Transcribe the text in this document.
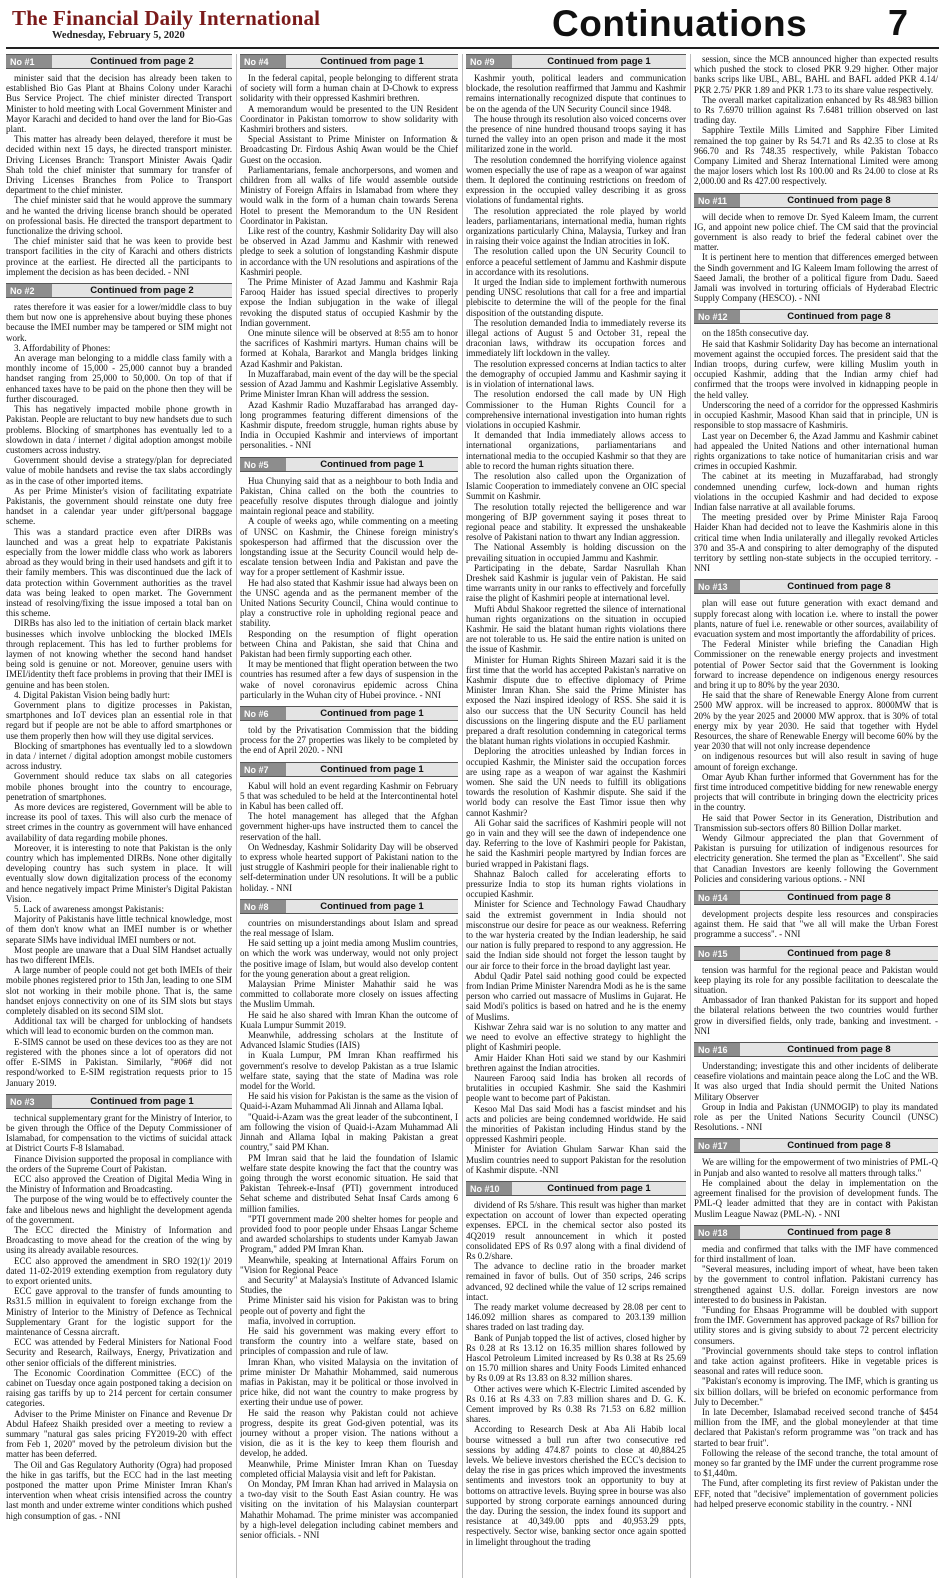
The Financial Daily International
Wednesday, February 5, 2020	Continuations 7
No #1	Continued from page 2

minister said that the decision has already been taken to established Bio Gas Plant at Bhains Colony under Karachi Bus Service Project. The chief minister directed Transport Minister to hold meeting with Local Government Minister and Mayor Karachi and decided to hand over the land for Bio-Gas plant.

This matter has already been delayed, therefore it must be decided within next 15 days, he directed transport minister. Driving Licenses Branch: Transport Minister Awais Qadir Shah told the chief minister that summary for transfer of Driving Licenses Branches from Police to Transport department to the chief minister.

The chief minister said that he would approve the summary and he wanted the driving license branch should be operated on professional basis. He directed the transport department to functionalize the driving school.

The chief minister said that he was keen to provide best transport facilities in the city of Karachi and others districts province at the earliest. He directed all the participants to implement the decision as has been decided. - NNI

No #2	Continued from page 2

rates therefore it was easier for a lower/middle class to buy them but now one is apprehensive about buying these phones because the IMEI number may be tampered or SIM might not work.

3. Affordability of Phones:

An average man belonging to a middle class family with a monthly income of 15,000 - 25,000 cannot buy a branded handset ranging from 25,000 to 50,000. On top of that if enhanced taxes have to be paid on the phone then they will be further discouraged.

This has negatively impacted mobile phone growth in Pakistan. People are reluctant to buy new handsets due to such problems. Blocking of smartphones has eventually led to a slowdown in data / internet / digital adoption amongst mobile customers across industry.

Government should devise a strategy/plan for depreciated value of mobile handsets and revise the tax slabs accordingly as in the case of other imported items.

As per Prime Minister's vision of facilitating expatriate Pakistanis, the government should reinstate one duty free handset in a calendar year under gift/personal baggage scheme.

This was a standard practice even after DIRBs was launched and was a great help to expatriate Pakistanis especially from the lower middle class who work as laborers abroad as they would bring in their used handsets and gift it to their family members. This was discontinued due the lack of data protection within Government authorities as the travel data was being leaked to open market. The Government instead of resolving/fixing the issue imposed a total ban on this scheme.

DIRBs has also led to the initiation of certain black market businesses which involve unblocking the blocked IMEIs through replacement. This has led to further problems for laymen of not knowing whether the second hand handset being sold is genuine or not. Moreover, genuine users with IMEI/identity theft face problems in proving that their IMEI is genuine and has been stolen.

4. Digital Pakistan Vision being badly hurt:

Government plans to digitize processes in Pakistan, smartphones and IoT devices plan an essential role in that regard but if people are not be able to afford smartphones or use them properly then how will they use digital services.

Blocking of smartphones has eventually led to a slowdown in data / internet / digital adoption amongst mobile customers across industry.

Government should reduce tax slabs on all categories mobile phones brought into the country to encourage, penetration of smartphones.

As more devices are registered, Government will be able to increase its pool of taxes. This will also curb the menace of street crimes in the country as government will have enhanced availability of data regarding mobile phones.

Moreover, it is interesting to note that Pakistan is the only country which has implemented DIRBs. None other digitally developing country has such system in place. It will eventually slow down digitalization process of the economy and hence negatively impact Prime Minister's Digital Pakistan Vision.

5. Lack of awareness amongst Pakistanis:

Majority of Pakistanis have little technical knowledge, most of them don't know what an IMEI number is or whether separate SIMs have individual IMEI numbers or not.

Most people are unaware that a Dual SIM Handset actually has two different IMEIs.

A large number of people could not get both IMEIs of their mobile phones registered prior to 15th Jan, leading to one SIM slot not working in their mobile phone. That is, the same handset enjoys connectivity on one of its SIM slots but stays completely disabled on its second SIM slot.

Additional tax will be charged for unblocking of handsets which will lead to economic burden on the common man.

E-SIMS cannot be used on these devices too as they are not registered with the phones since a lot of operators did not offer E-SIMS in Pakistan. Similarly, "#06# did not respond/worked to E-SIM registration requests prior to 15 January 2019.

No #3	Continued from page 1

technical supplementary grant for the Ministry of Interior, to be given through the Office of the Deputy Commissioner of Islamabad, for compensation to the victims of suicidal attack at District Courts F-8 Islamabad.

Finance Division supported the proposal in compliance with the orders of the Supreme Court of Pakistan.

ECC also approved the Creation of Digital Media Wing in the Ministry of Information and Broadcasting.

The purpose of the wing would be to effectively counter the fake and libelous news and highlight the development agenda of the government.

The ECC directed the Ministry of Information and Broadcasting to move ahead for the creation of the wing by using its already available resources.

ECC also approved the amendment in SRO 192(1)/ 2019 dated 11-02-2019 extending exemption from regulatory duty to export oriented units.

ECC gave approval to the transfer of funds amounting to Rs31.5 million in equivalent to foreign exchange from the Ministry of Interior to the Ministry of Defence as Technical Supplementary Grant for the logistic support for the maintenance of Cessna aircraft.

ECC was attended by Federal Ministers for National Food Security and Research, Railways, Energy, Privatization and other senior officials of the different ministries.

The Economic Coordination Committee (ECC) of the cabinet on Tuesday once again postponed taking a decision on raising gas tariffs by up to 214 percent for certain consumer categories.

Adviser to the Prime Minister on Finance and Revenue Dr Abdul Hafeez Shaikh presided over a meeting to review a summary "natural gas sales pricing FY2019-20 with effect from Feb 1, 2020" moved by the petroleum division but the matter has been deferred.

The Oil and Gas Regulatory Authority (Ogra) had proposed the hike in gas tariffs, but the ECC had in the last meeting postponed the matter upon Prime Minister Imran Khan's intervention when wheat crisis intensified across the country last month and under extreme winter conditions which pushed high consumption of gas. - NNI

No #4	Continued from page 1

In the federal capital, people belonging to different strata of society will form a human chain at D-Chowk to express solidarity with their oppressed Kashmiri brethren.

A memorandum would be presented to the UN Resident Coordinator in Pakistan tomorrow to show solidarity with Kashmiri brothers and sisters.

Special Assistant to Prime Minister on Information & Broadcasting Dr. Firdous Ashiq Awan would be the Chief Guest on the occasion.

Parliamentarians, female anchorpersons, and women and children from all walks of life would assemble outside Ministry of Foreign Affairs in Islamabad from where they would walk in the form of a human chain towards Serena Hotel to present the Memorandum to the UN Resident Coordinator in Pakistan.

Like rest of the country, Kashmir Solidarity Day will also be observed in Azad Jammu and Kashmir with renewed pledge to seek a solution of longstanding Kashmir dispute in accordance with the UN resolutions and aspirations of the Kashmiri people.

The Prime Minister of Azad Jammu and Kashmir Raja Farooq Haider has issued special directives to properly expose the Indian subjugation in the wake of illegal revoking the disputed status of occupied Kashmir by the Indian government.

One minute silence will be observed at 8:55 am to honor the sacrifices of Kashmiri martyrs. Human chains will be formed at Kohala, Bararkot and Mangla bridges linking Azad Kashmir and Pakistan.

In Muzaffarabad, main event of the day will be the special session of Azad Jammu and Kashmir Legislative Assembly. Prime Minister Imran Khan will address the session.

Azad Kashmir Radio Muzaffarabad has arranged day-long programmes featuring different dimensions of the Kashmir dispute, freedom struggle, human rights abuse by India in Occupied Kashmir and interviews of important personalities. - NNI

No #5	Continued from page 1

Hua Chunying said that as a neighbour to both India and Pakistan, China called on the both the countries to peacefully resolve disputes through dialogue and jointly maintain regional peace and stability.

A couple of weeks ago, while commenting on a meeting of UNSC on Kashmir, the Chinese foreign ministry's spokesperson had affirmed that the discussion over the longstanding issue at the Security Council would help de-escalate tension between India and Pakistan and pave the way for a proper settlement of Kashmir issue.

He had also stated that Kashmir issue had always been on the UNSC agenda and as the permanent member of the United Nations Security Council, China would continue to play a constructive role in upholding regional peace and stability.

Responding on the resumption of flight operation between China and Pakistan, she said that China and Pakistan had been firmly supporting each other.

It may be mentioned that flight operation between the two countries has resumed after a few days of suspension in the wake of novel coronavirus epidemic across China particularly in the Wuhan city of Hubei province. - NNI

No #6	Continued from page 1

told by the Privatisation Commission that the bidding process for the 27 properties was likely to be completed by the end of April 2020. - NNI

No #7	Continued from page 1

Kabul will hold an event regarding Kashmir on February 5 that was scheduled to be held at the Intercontinental hotel in Kabul has been called off.

The hotel management has alleged that the Afghan government higher-ups have instructed them to cancel the reservation of the hall.

On Wednesday, Kashmir Solidarity Day will be observed to express whole hearted support of Pakistani nation to the just struggle of Kashmiri people for their inalienable right to self-determination under UN resolutions. It will be a public holiday. - NNI

No #8	Continued from page 1

countries on misunderstandings about Islam and spread the real message of Islam.

He said setting up a joint media among Muslim countries, on which the work was underway, would not only project the positive image of Islam, but would also develop content for the young generation about a great religion.

Malaysian Prime Minister Mahathir said he was committed to collaborate more closely on issues affecting the Muslim Ummah.

He said he also shared with Imran Khan the outcome of Kuala Lumpur Summit 2019.

Meanwhile, addressing scholars at the Institute of Advanced Islamic Studies (IAIS)

in Kuala Lumpur, PM Imran Khan reaffirmed his government's resolve to develop Pakistan as a true Islamic welfare state, saying that the state of Madina was role model for the World.

He said his vision for Pakistan is the same as the vision of Quaid-i-Azam Muhammad Ali Jinnah and Allama Iqbal.

"Quaid-i-Azam was the great leader of the subcontinent, I am following the vision of Quaid-i-Azam Muhammad Ali Jinnah and Allama Iqbal in making Pakistan a great country," said PM Khan.

PM Imran said that he laid the foundation of Islamic welfare state despite knowing the fact that the country was going through the worst economic situation. He said that Pakistan Tehreek-e-Insaf (PTI) government introduced Sehat scheme and distributed Sehat Insaf Cards among 6 million families.

"PTI government made 200 shelter homes for people and provided food to poor people under Ehsaas Langar Scheme and awarded scholarships to students under Kamyab Jawan Program," added PM Imran Khan.

Meanwhile, speaking at International Affairs Forum on "Vision for Regional Peace

and Security" at Malaysia's Institute of Advanced Islamic Studies, the

Prime Minister said his vision for Pakistan was to bring people out of poverty and fight the

mafia, involved in corruption.

He said his government was making every effort to transform the country into a welfare state, based on principles of compassion and rule of law.

Imran Khan, who visited Malaysia on the invitation of prime minister Dr Mahathir Mohammed, said numerous mafias in Pakistan, may it be political or those involved in price hike, did not want the country to make progress by exerting their undue use of power.

He said the reason why Pakistan could not achieve progress, despite its great God-given potential, was its journey without a proper vision. The nations without a vision, die as it is the key to keep them flourish and develop, he added.

Meanwhile, Prime Minister Imran Khan on Tuesday completed official Malaysia visit and left for Pakistan.

On Monday, PM Imran Khan had arrived in Malaysia on a two-day visit to the South East Asian country. He was visiting on the invitation of his Malaysian counterpart Mahathir Mohamad. The prime minister was accompanied by a high-level delegation including cabinet members and senior officials. - NNI

No #9	Continued from page 1

Kashmir youth, political leaders and communication blockade, the resolution reaffirmed that Jammu and Kashmir remains internationally recognized dispute that continues to be on the agenda of the UN Security Council since 1948.

The house through its resolution also voiced concerns over the presence of nine hundred thousand troops saying it has turned the valley into an open prison and made it the most militarized zone in the world.

The resolution condemned the horrifying violence against women especially the use of rape as a weapon of war against them. It deplored the continuing restrictions on freedom of expression in the occupied valley describing it as gross violations of fundamental rights.

The resolution appreciated the role played by world leaders, parliamentarians, international media, human rights organizations particularly China, Malaysia, Turkey and Iran in raising their voice against the Indian atrocities in IoK.

The resolution called upon the UN Security Council to enforce a peaceful settlement of Jammu and Kashmir dispute in accordance with its resolutions.

It urged the Indian side to implement forthwith numerous pending UNSC resolutions that call for a free and impartial plebiscite to determine the will of the people for the final disposition of the outstanding dispute.

The resolution demanded India to immediately reverse its illegal actions of August 5 and October 31, repeal the draconian laws, withdraw its occupation forces and immediately lift lockdown in the valley.

The resolution expressed concerns at Indian tactics to alter the demography of occupied Jammu and Kashmir saying it is in violation of international laws.

The resolution endorsed the call made by UN High Commissioner to the Human Rights Council for a comprehensive international investigation into human rights violations in occupied Kashmir.

It demanded that India immediately allows access to international organizations, parliamentarians and international media to the occupied Kashmir so that they are able to record the human rights situation there.

The resolution also called upon the Organization of Islamic Cooperation to immediately convene an OIC special Summit on Kashmir.

The resolution totally rejected the belligerence and war mongering of BJP government saying it poses threat to regional peace and stability. It expressed the unshakeable resolve of Pakistani nation to thwart any Indian aggression.

The National Assembly is holding discussion on the prevailing situation in occupied Jammu and Kashmir.

Participating in the debate, Sardar Nasrullah Khan Dreshek said Kashmir is jugular vein of Pakistan. He said time warrants unity in our ranks to effectively and forcefully raise the plight of Kashmiri people at international level.

Mufti Abdul Shakoor regretted the silence of international human rights organizations on the situation in occupied Kashmir. He said the blatant human rights violations there are not tolerable to us. He said the entire nation is united on the issue of Kashmir.

Minister for Human Rights Shireen Mazari said it is the first time that the world has accepted Pakistan's narrative on Kashmir dispute due to effective diplomacy of Prime Minister Imran Khan. She said the Prime Minister has exposed the Nazi inspired ideology of RSS. She said it is also our success that the UN Security Council has held discussions on the lingering dispute and the EU parliament prepared a draft resolution condemning in categorical terms the blatant human rights violations in occupied Kashmir.

Deploring the atrocities unleashed by Indian forces in occupied Kashmir, the Minister said the occupation forces are using rape as a weapon of war against the Kashmiri women. She said the UN needs to fulfill its obligations towards the resolution of Kashmir dispute. She said if the world body can resolve the East Timor issue then why cannot Kashmir?

Ali Gohar said the sacrifices of Kashmiri people will not go in vain and they will see the dawn of independence one day. Referring to the love of Kashmiri people for Pakistan, he said the Kashmiri people martyred by Indian forces are buried wrapped in Pakistani flags.

Shahnaz Baloch called for accelerating efforts to pressurize India to stop its human rights violations in occupied Kashmir.

Minister for Science and Technology Fawad Chaudhary said the extremist government in India should not misconstrue our desire for peace as our weakness. Referring to the war hysteria created by the Indian leadership, he said our nation is fully prepared to respond to any aggression. He said the Indian side should not forget the lesson taught by our air force to their force in the broad daylight last year.

Abdul Qadir Patel said nothing good could be expected from Indian Prime Minister Narendra Modi as he is the same person who carried out massacre of Muslims in Gujarat. He said Modi's politics is based on hatred and he is the enemy of Muslims.

Kishwar Zehra said war is no solution to any matter and we need to evolve an effective strategy to highlight the plight of Kashmiri people.

Amir Haider Khan Hoti said we stand by our Kashmiri brethren against the Indian atrocities.

Naureen Farooq said India has broken all records of brutalities in occupied Kashmir. She said the Kashmiri people want to become part of Pakistan.

Kesoo Mal Das said Modi has a fascist mindset and his acts and policies are being condemned worldwide. He said the minorities of Pakistan including Hindus stand by the oppressed Kashmiri people.

Minister for Aviation Ghulam Sarwar Khan said the Muslim countries need to support Pakistan for the resolution of Kashmir dispute. -NNI

No #10	Continued from page 1

dividend of Rs 5/share. This result was higher than market expectation on account of lower than expected operating expenses. EPCL in the chemical sector also posted its 4Q2019 result announcement in which it posted consolidated EPS of Rs 0.97 along with a final dividend of Rs 0.2/share.

The advance to decline ratio in the broader market remained in favor of bulls. Out of 350 scrips, 246 scrips advanced, 92 declined while the value of 12 scrips remained intact.

The ready market volume decreased by 28.08 per cent to 146.092 million shares as compared to 203.139 million shares traded on last trading day.

Bank of Punjab topped the list of actives, closed higher by Rs 0.28 at Rs 13.12 on 16.35 million shares followed by Hascol Petroleum Limited increased by Rs 0.38 at Rs 25.69 on 15.70 million shares and Unity Foods Limited enhanced by Rs 0.09 at Rs 13.83 on 8.32 million shares.

Other actives were which K-Electric Limited ascended by Rs 0.16 at Rs 4.33 on 7.83 million shares and D. G. K. Cement improved by Rs 0.38 Rs 71.53 on 6.82 million shares.

According to Research Desk at Aba Ali Habib local bourse witnessed a bull run after two consecutive red sessions by adding 474.87 points to close at 40,884.25 levels. We believe investors cherished the ECC's decision to delay the rise in gas prices which improved the investments sentiments and investors took an opportunity to buy at bottoms on attractive levels. Buying spree in bourse was also supported by strong corporate earnings announced during the day. During the session, the index found its support and resistance at 40,349.00 ppts and 40,953.29 ppts, respectively. Sector wise, banking sector once again spotted in limelight throughout the trading

session, since the MCB announced higher than expected results which pushed the stock to closed PKR 9.29 higher. Other major banks scrips like UBL, ABL, BAHL and BAFL added PKR 4.14/ PKR 2.75/ PKR 1.89 and PKR 1.73 to its share value respectively.

The overall market capitalization enhanced by Rs 48.983 billion to Rs 7.6970 trillion against Rs 7.6481 trillion observed on last trading day.

Sapphire Textile Mills Limited and Sapphire Fiber Limited remained the top gainer by Rs 54.71 and Rs 42.35 to close at Rs 966.70 and Rs 748.35 respectively, while Pakistan Tobacco Company Limited and Sheraz International Limited were among the major losers which lost Rs 100.00 and Rs 24.00 to close at Rs 2,000.00 and Rs 427.00 respectively.

No #11	Continued from page 8

will decide when to remove Dr. Syed Kaleem Imam, the current IG, and appoint new police chief. The CM said that the provincial government is also ready to brief the federal cabinet over the matter.

It is pertinent here to mention that differences emerged between the Sindh government and IG Kaleem Imam following the arrest of Saeed Jamali, the brother of a political figure from Dadu. Saeed Jamali was involved in torturing officials of Hyderabad Electric Supply Company (HESCO). - NNI

No #12	Continued from page 8

on the 185th consecutive day.

He said that Kashmir Solidarity Day has become an international movement against the occupied forces. The president said that the Indian troops, during curfew, were killing Muslim youth in occupied Kashmir, adding that the Indian army chief had confirmed that the troops were involved in kidnapping people in the held valley.

Underscoring the need of a corridor for the oppressed Kashmiris in occupied Kashmir, Masood Khan said that in principle, UN is responsible to stop massacre of Kashmiris.

Last year on December 6, the Azad Jammu and Kashmir cabinet had appealed the United Nations and other international human rights organizations to take notice of humanitarian crisis and war crimes in occupied Kashmir.

The cabinet at its meeting in Muzaffarabad, had strongly condemned unending curfew, lock-down and human rights violations in the occupied Kashmir and had decided to expose Indian false narrative at all available forums.

The meeting presided over by Prime Minister Raja Farooq Haider Khan had decided not to leave the Kashmiris alone in this critical time when India unilaterally and illegally revoked Articles 370 and 35-A and conspiring to alter demography of the disputed territory by settling non-state subjects in the occupied territory. - NNI

No #13	Continued from page 8

plan will ease out future generation with exact demand and supply forecast along with location i.e. where to install the power plants, nature of fuel i.e. renewable or other sources, availability of evacuation system and most importantly the affordability of prices.

The Federal Minister while briefing the Canadian High Commissioner on the renewable energy projects and investment potential of Power Sector said that the Government is looking forward to increase dependence on indigenous energy resources and bring it up to 80% by the year 2030.

He said that the share of Renewable Energy Alone from current 2500 MW approx. will be increased to approx. 8000MW that is 20% by the year 2025 and 20000 MW approx. that is 30% of total energy mix by year 2030. He said that together with Hydel Resources, the share of Renewable Energy will become 60% by the year 2030 that will not only increase dependence

on indigenous resources but will also result in saving of huge amount of foreign exchange.

Omar Ayub Khan further informed that Government has for the first time introduced competitive bidding for new renewable energy projects that will contribute in bringing down the electricity prices in the country.

He said that Power Sector in its Generation, Distribution and Transmission sub-sectors offers 80 Billion Dollar market.

Wendy Gilmour appreciated the plan that Government of Pakistan is pursuing for utilization of indigenous resources for electricity generation. She termed the plan as "Excellent". She said that Canadian Investors are keenly following the Government Policies and considering various options. - NNI

No #14	Continued from page 8

development projects despite less resources and conspiracies against them. He said that "we all will make the Urban Forest programme a success". - NNI

No #15	Continued from page 8

tension was harmful for the regional peace and Pakistan would keep playing its role for any possible facilitation to deescalate the situation.

Ambassador of Iran thanked Pakistan for its support and hoped the bilateral relations between the two countries would further grow in diversified fields, only trade, banking and investment. - NNI

No #16	Continued from page 8

Understanding; investigate this and other incidents of deliberate ceasefire violations and maintain peace along the LoC and the WB. It was also urged that India should permit the United Nations Military Observer

Group in India and Pakistan (UNMOGIP) to play its mandated role as per the United Nations Security Council (UNSC) Resolutions. - NNI

No #17	Continued from page 8

We are willing for the empowerment of two ministries of PML-Q in Punjab and also wanted to resolve all matters through talks."

He complained about the delay in implementation on the agreement finalised for the provision of development funds. The PML-Q leader admitted that they are in contact with Pakistan Muslim League Nawaz (PML-N). - NNI

No #18	Continued from page 8

media and confirmed that talks with the IMF have commenced for third installment of loan.

"Several measures, including import of wheat, have been taken by the government to control inflation. Pakistani currency has strengthened against U.S. dollar. Foreign investors are now interested to do business in Pakistan.

"Funding for Ehsaas Programme will be doubled with support from the IMF. Government has approved package of Rs7 billion for utility stores and is giving subsidy to about 72 percent electricity consumers.

"Provincial governments should take steps to control inflation and take action against profiteers. Hike in vegetable prices is seasonal and rates will reduce soon.

"Pakistan's economy is improving. The IMF, which is granting us six billion dollars, will be briefed on economic performance from July to December."

In late December, Islamabad received second tranche of $454 million from the IMF, and the global moneylender at that time declared that Pakistan's reform programme was "on track and has started to bear fruit".

Following the release of the second tranche, the total amount of money so far granted by the IMF under the current programme rose to $1,440m.

The Fund, after completing its first review of Pakistan under the EFF, noted that "decisive" implementation of government policies had helped preserve economic stability in the country. - NNI
